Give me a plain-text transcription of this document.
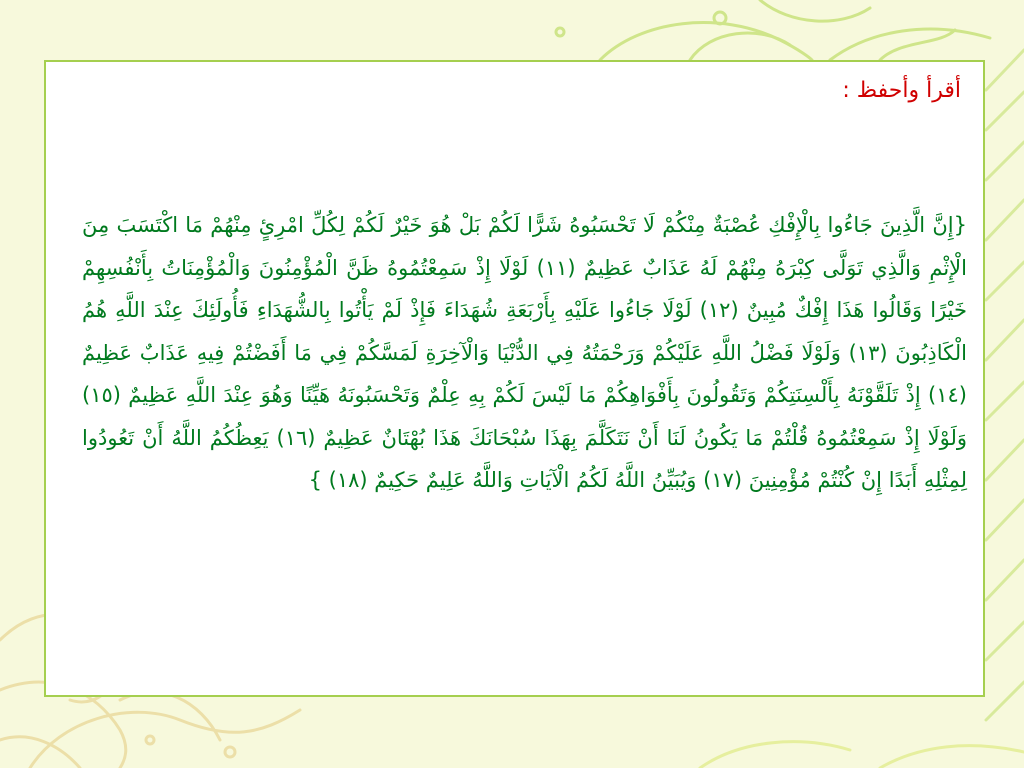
أقرأ وأحفظ :

{إِنَّ الَّذِينَ جَاءُوا بِالْإِفْكِ عُصْبَةٌ مِنْكُمْ لَا تَحْسَبُوهُ شَرًّا لَكُمْ بَلْ هُوَ خَيْرٌ لَكُمْ لِكُلِّ امْرِئٍ مِنْهُمْ مَا اكْتَسَبَ مِنَ الْإِثْمِ وَالَّذِي تَوَلَّى كِبْرَهُ مِنْهُمْ لَهُ عَذَابٌ عَظِيمٌ (١١) لَوْلَا إِذْ سَمِعْتُمُوهُ ظَنَّ الْمُؤْمِنُونَ وَالْمُؤْمِنَاتُ بِأَنْفُسِهِمْ خَيْرًا وَقَالُوا هَذَا إِفْكٌ مُبِينٌ (١٢) لَوْلَا جَاءُوا عَلَيْهِ بِأَرْبَعَةِ شُهَدَاءَ فَإِذْ لَمْ يَأْتُوا بِالشُّهَدَاءِ فَأُولَئِكَ عِنْدَ اللَّهِ هُمُ الْكَاذِبُونَ (١٣) وَلَوْلَا فَضْلُ اللَّهِ عَلَيْكُمْ وَرَحْمَتُهُ فِي الدُّنْيَا وَالْآخِرَةِ لَمَسَّكُمْ فِي مَا أَفَضْتُمْ فِيهِ عَذَابٌ عَظِيمٌ (١٤) إِذْ تَلَقَّوْنَهُ بِأَلْسِنَتِكُمْ وَتَقُولُونَ بِأَفْوَاهِكُمْ مَا لَيْسَ لَكُمْ بِهِ عِلْمٌ وَتَحْسَبُونَهُ هَيِّنًا وَهُوَ عِنْدَ اللَّهِ عَظِيمٌ (١٥) وَلَوْلَا إِذْ سَمِعْتُمُوهُ قُلْتُمْ مَا يَكُونُ لَنَا أَنْ نَتَكَلَّمَ بِهَذَا سُبْحَانَكَ هَذَا بُهْتَانٌ عَظِيمٌ (١٦) يَعِظُكُمُ اللَّهُ أَنْ تَعُودُوا لِمِثْلِهِ أَبَدًا إِنْ كُنْتُمْ مُؤْمِنِينَ (١٧) وَيُبَيِّنُ اللَّهُ لَكُمُ الْآيَاتِ وَاللَّهُ عَلِيمٌ حَكِيمٌ (١٨) }
